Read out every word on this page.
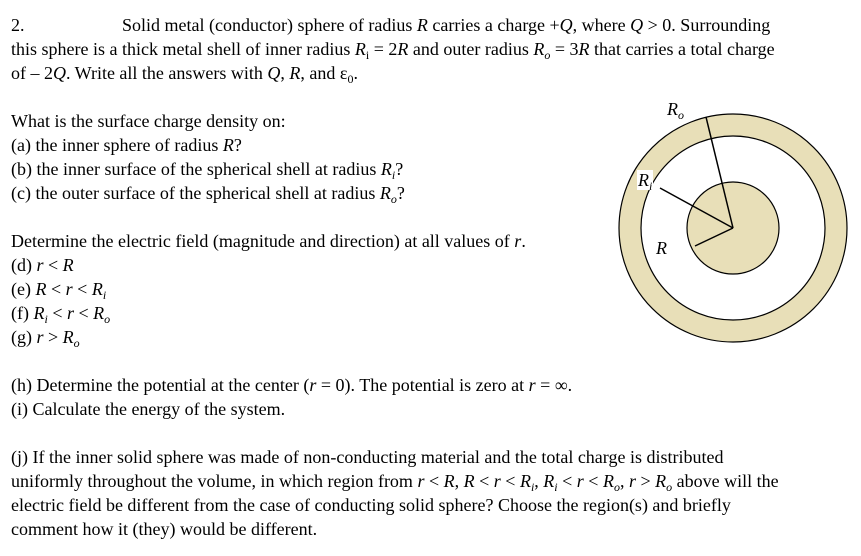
2.	Solid metal (conductor) sphere of radius R carries a charge +Q, where Q > 0. Surrounding
this sphere is a thick metal shell of inner radius $R_i = 2R$ and outer radius $R_o = 3R$ that carries a total charge
of – 2Q. Write all the answers with Q, R, and $\varepsilon_0$.
What is the surface charge density on:
(a) the inner sphere of radius R?
(b) the inner surface of the spherical shell at radius $R_i$?
(c) the outer surface of the spherical shell at radius $R_o$?
Determine the electric field (magnitude and direction) at all values of r.
(d) r < R
(e) $R < r < R_i$
(f) $R_i < r < R_o$
(g) $r > R_o$
(h) Determine the potential at the center (r = 0). The potential is zero at r = ∞.
(i) Calculate the energy of the system.
(j) If the inner solid sphere was made of non-conducting material and the total charge is distributed
uniformly throughout the volume, in which region from r < R, $R < r < R_i$, $R_i < r < R_o$, $r > R_o$ above will the
electric field be different from the case of conducting solid sphere? Choose the region(s) and briefly
comment how it (they) would be different.
$R_o$
$R_i$
R
